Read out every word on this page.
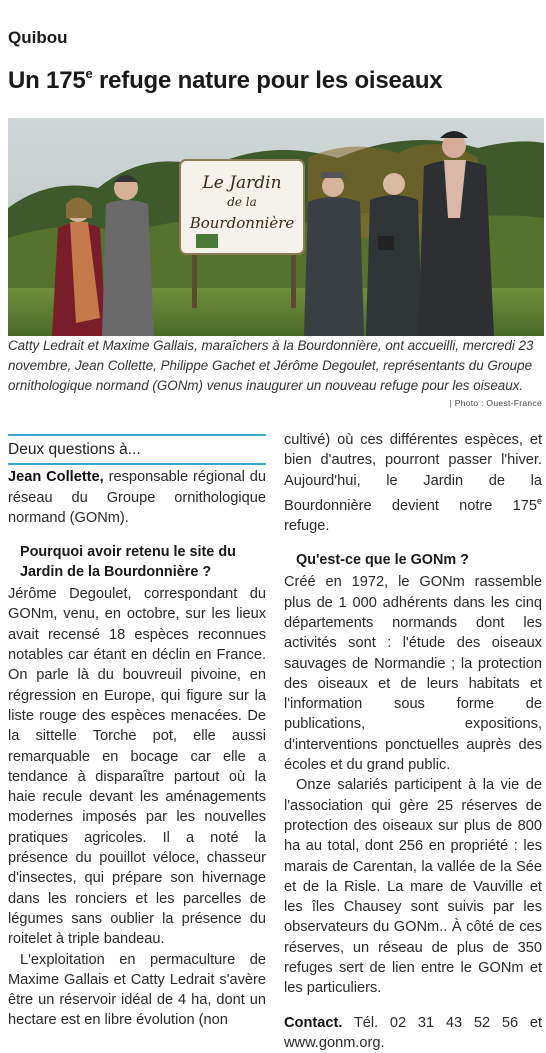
Quibou
Un 175e refuge nature pour les oiseaux
Le Jardin
de la
Bourdonnière
Catty Ledrait et Maxime Gallais, maraîchers à la Bourdonnière, ont accueilli, mercredi 23 novembre, Jean Collette, Philippe Gachet et Jérôme Degoulet, représentants du Groupe ornithologique normand (GONm) venus inaugurer un nouveau refuge pour les oiseaux.
| Photo : Ouest-France
Deux questions à...

Jean Collette, responsable régional du réseau du Groupe ornithologique normand (GONm).

Pourquoi avoir retenu le site du Jardin de la Bourdonnière ?

Jérôme Degoulet, correspondant du GONm, venu, en octobre, sur les lieux avait recensé 18 espèces reconnues notables car étant en déclin en France. On parle là du bouvreuil pivoine, en régression en Europe, qui figure sur la liste rouge des espèces menacées. De la sittelle Torche pot, elle aussi remarquable en bocage car elle a tendance à disparaître partout où la haie recule devant les aménagements modernes imposés par les nouvelles pratiques agricoles. Il a noté la présence du pouillot véloce, chasseur d'insectes, qui prépare son hivernage dans les ronciers et les parcelles de légumes sans oublier la présence du roitelet à triple bandeau.

L'exploitation en permaculture de Maxime Gallais et Catty Ledrait s'avère être un réservoir idéal de 4 ha, dont un hectare est en libre évolution (non

cultivé) où ces différentes espèces, et bien d'autres, pourront passer l'hiver. Aujourd'hui, le Jardin de la Bourdonnière devient notre 175e refuge.

Qu'est-ce que le GONm ?

Créé en 1972, le GONm rassemble plus de 1 000 adhérents dans les cinq départements normands dont les activités sont : l'étude des oiseaux sauvages de Normandie ; la protection des oiseaux et de leurs habitats et l'information sous forme de publications, expositions, d'interventions ponctuelles auprès des écoles et du grand public.

Onze salariés participent à la vie de l'association qui gère 25 réserves de protection des oiseaux sur plus de 800 ha au total, dont 256 en propriété : les marais de Carentan, la vallée de la Sée et de la Risle. La mare de Vauville et les îles Chausey sont suivis par les observateurs du GONm.. À côté de ces réserves, un réseau de plus de 350 refuges sert de lien entre le GONm et les particuliers.

Contact. Tél. 02 31 43 52 56 et www.gonm.org.
